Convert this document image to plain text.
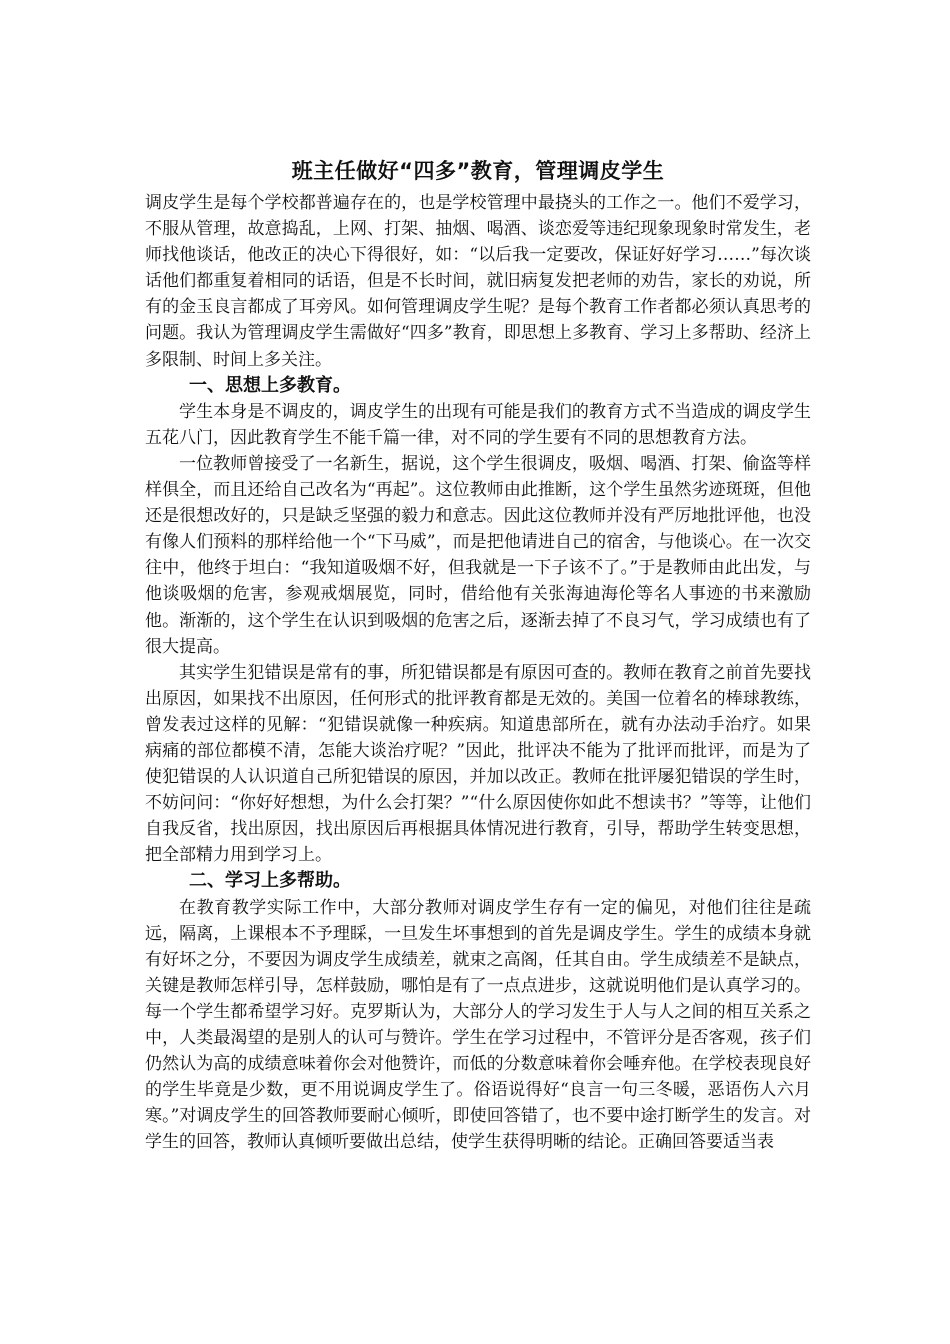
班主任做好“四多”教育，管理调皮学生

调皮学生是每个学校都普遍存在的，也是学校管理中最挠头的工作之一。他们不爱学习，不服从管理，故意捣乱，上网、打架、抽烟、喝酒、谈恋爱等违纪现象现象时常发生，老师找他谈话，他改正的决心下得很好，如：“以后我一定要改，保证好好学习……”每次谈话他们都重复着相同的话语，但是不长时间，就旧病复发把老师的劝告，家长的劝说，所有的金玉良言都成了耳旁风。如何管理调皮学生呢？是每个教育工作者都必须认真思考的问题。我认为管理调皮学生需做好“四多”教育，即思想上多教育、学习上多帮助、经济上多限制、时间上多关注。

一、思想上多教育。

学生本身是不调皮的，调皮学生的出现有可能是我们的教育方式不当造成的调皮学生五花八门，因此教育学生不能千篇一律，对不同的学生要有不同的思想教育方法。

一位教师曾接受了一名新生，据说，这个学生很调皮，吸烟、喝酒、打架、偷盗等样样俱全，而且还给自己改名为“再起”。这位教师由此推断，这个学生虽然劣迹斑斑，但他还是很想改好的，只是缺乏坚强的毅力和意志。因此这位教师并没有严厉地批评他，也没有像人们预料的那样给他一个“下马威”，而是把他请进自己的宿舍，与他谈心。在一次交往中，他终于坦白：“我知道吸烟不好，但我就是一下子该不了。”于是教师由此出发，与他谈吸烟的危害，参观戒烟展览，同时，借给他有关张海迪海伦等名人事迹的书来激励他。渐渐的，这个学生在认识到吸烟的危害之后，逐渐去掉了不良习气，学习成绩也有了很大提高。

其实学生犯错误是常有的事，所犯错误都是有原因可查的。教师在教育之前首先要找出原因，如果找不出原因，任何形式的批评教育都是无效的。美国一位着名的棒球教练，曾发表过这样的见解：“犯错误就像一种疾病。知道患部所在，就有办法动手治疗。如果病痛的部位都模不清，怎能大谈治疗呢？”因此，批评决不能为了批评而批评，而是为了使犯错误的人认识道自己所犯错误的原因，并加以改正。教师在批评屡犯错误的学生时，不妨问问：“你好好想想，为什么会打架？”“什么原因使你如此不想读书？”等等，让他们自我反省，找出原因，找出原因后再根据具体情况进行教育，引导，帮助学生转变思想，把全部精力用到学习上。

二、学习上多帮助。

在教育教学实际工作中，大部分教师对调皮学生存有一定的偏见，对他们往往是疏远，隔离，上课根本不予理睬，一旦发生坏事想到的首先是调皮学生。学生的成绩本身就有好坏之分，不要因为调皮学生成绩差，就束之高阁，任其自由。学生成绩差不是缺点，关键是教师怎样引导，怎样鼓励，哪怕是有了一点点进步，这就说明他们是认真学习的。每一个学生都希望学习好。克罗斯认为，大部分人的学习发生于人与人之间的相互关系之中，人类最渴望的是别人的认可与赞许。学生在学习过程中，不管评分是否客观，孩子们仍然认为高的成绩意味着你会对他赞许，而低的分数意味着你会唾弃他。在学校表现良好的学生毕竟是少数，更不用说调皮学生了。俗语说得好“良言一句三冬暖，恶语伤人六月寒。”对调皮学生的回答教师要耐心倾听，即使回答错了，也不要中途打断学生的发言。对学生的回答，教师认真倾听要做出总结，使学生获得明晰的结论。正确回答要适当表
